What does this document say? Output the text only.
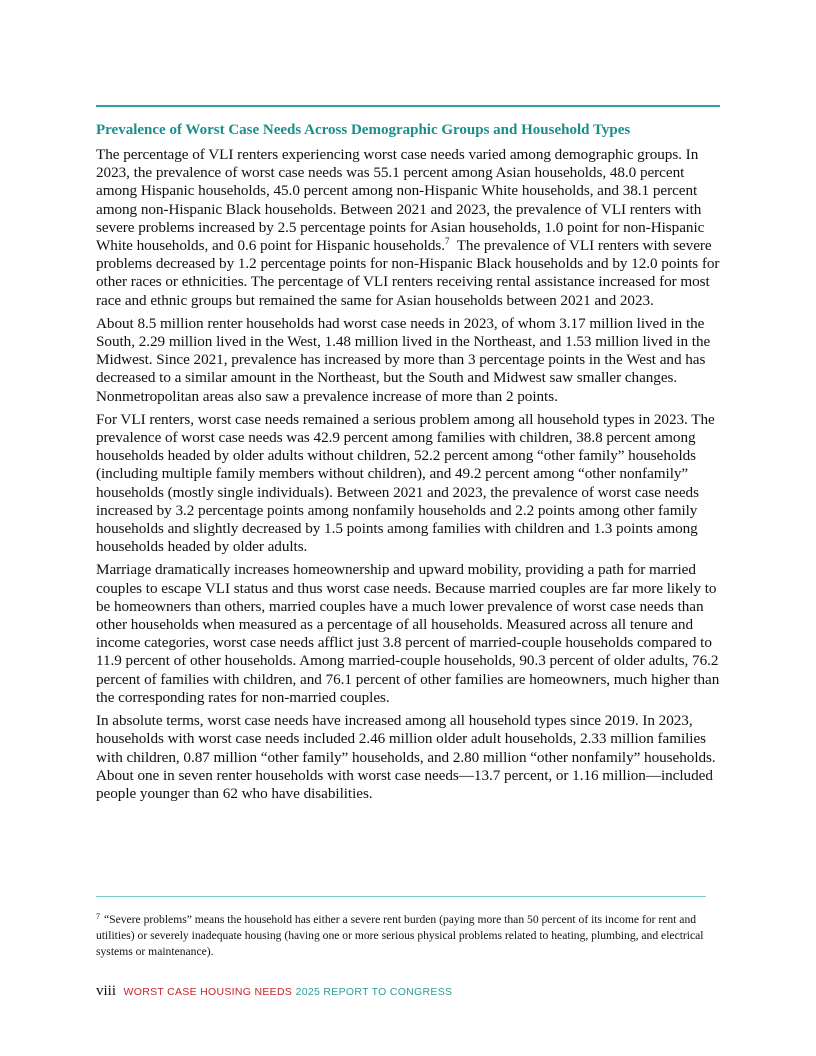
Prevalence of Worst Case Needs Across Demographic Groups and Household Types

The percentage of VLI renters experiencing worst case needs varied among demographic groups. In 2023, the prevalence of worst case needs was 55.1 percent among Asian households, 48.0 percent among Hispanic households, 45.0 percent among non-Hispanic White households, and 38.1 percent among non-Hispanic Black households. Between 2021 and 2023, the prevalence of VLI renters with severe problems increased by 2.5 percentage points for Asian households, 1.0 point for non-Hispanic White households, and 0.6 point for Hispanic households.$^7$ The prevalence of VLI renters with severe problems decreased by 1.2 percentage points for non-Hispanic Black households and by 12.0 points for other races or ethnicities. The percentage of VLI renters receiving rental assistance increased for most race and ethnic groups but remained the same for Asian households between 2021 and 2023.

About 8.5 million renter households had worst case needs in 2023, of whom 3.17 million lived in the South, 2.29 million lived in the West, 1.48 million lived in the Northeast, and 1.53 million lived in the Midwest. Since 2021, prevalence has increased by more than 3 percentage points in the West and has decreased to a similar amount in the Northeast, but the South and Midwest saw smaller changes. Nonmetropolitan areas also saw a prevalence increase of more than 2 points.

For VLI renters, worst case needs remained a serious problem among all household types in 2023. The prevalence of worst case needs was 42.9 percent among families with children, 38.8 percent among households headed by older adults without children, 52.2 percent among “other family” households (including multiple family members without children), and 49.2 percent among “other nonfamily” households (mostly single individuals). Between 2021 and 2023, the prevalence of worst case needs increased by 3.2 percentage points among nonfamily households and 2.2 points among other family households and slightly decreased by 1.5 points among families with children and 1.3 points among households headed by older adults.

Marriage dramatically increases homeownership and upward mobility, providing a path for married couples to escape VLI status and thus worst case needs. Because married couples are far more likely to be homeowners than others, married couples have a much lower prevalence of worst case needs than other households when measured as a percentage of all households. Measured across all tenure and income categories, worst case needs afflict just 3.8 percent of married-couple households compared to 11.9 percent of other households. Among married-couple households, 90.3 percent of older adults, 76.2 percent of families with children, and 76.1 percent of other families are homeowners, much higher than the corresponding rates for non-married couples.

In absolute terms, worst case needs have increased among all household types since 2019. In 2023, households with worst case needs included 2.46 million older adult households, 2.33 million families with children, 0.87 million “other family” households, and 2.80 million “other nonfamily” households. About one in seven renter households with worst case needs—13.7 percent, or 1.16 million—included people younger than 62 who have disabilities.

$^7$ “Severe problems” means the household has either a severe rent burden (paying more than 50 percent of its income for rent and utilities) or severely inadequate housing (having one or more serious physical problems related to heating, plumbing, and electrical systems or maintenance).

viii WORST CASE HOUSING NEEDS 2025 REPORT TO CONGRESS
